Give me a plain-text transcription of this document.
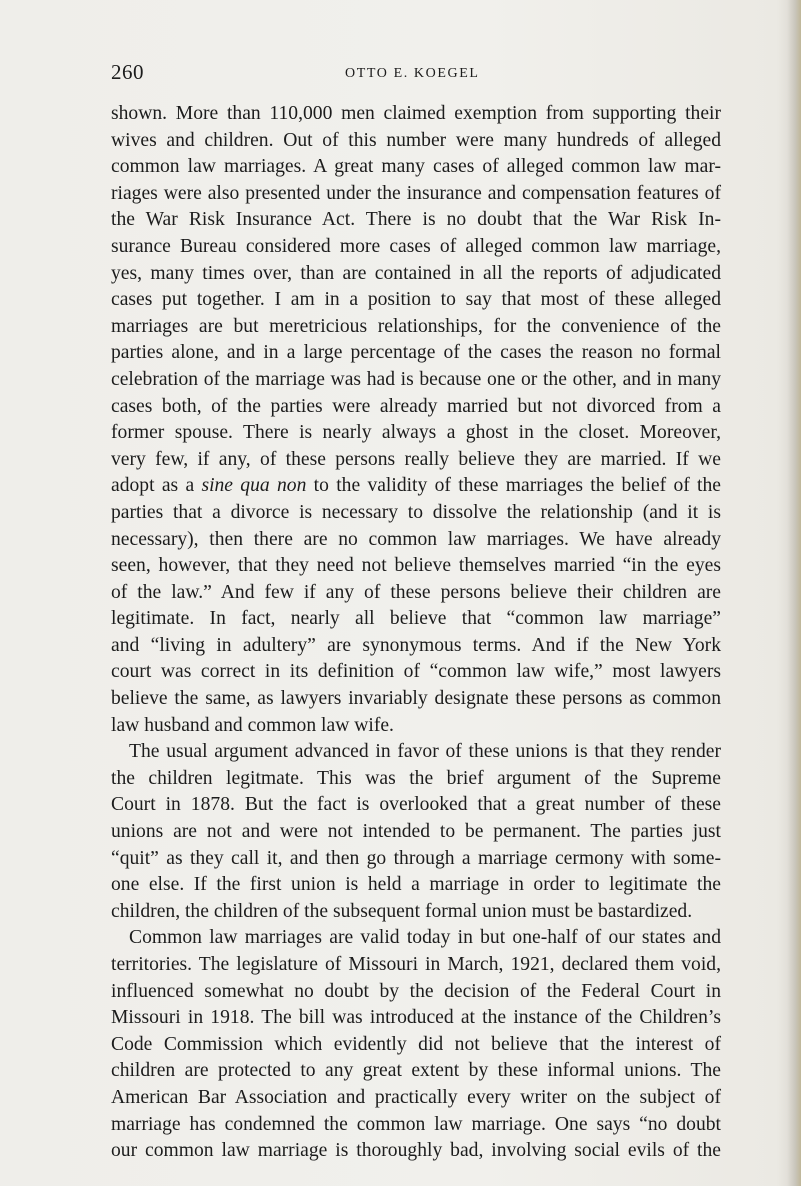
260	OTTO E. KOEGEL
shown. More than 110,000 men claimed exemption from supporting their
wives and children. Out of this number were many hundreds of alleged
common law marriages. A great many cases of alleged common law mar-
riages were also presented under the insurance and compensation features of
the War Risk Insurance Act. There is no doubt that the War Risk In-
surance Bureau considered more cases of alleged common law marriage,
yes, many times over, than are contained in all the reports of adjudicated
cases put together. I am in a position to say that most of these alleged
marriages are but meretricious relationships, for the convenience of the
parties alone, and in a large percentage of the cases the reason no formal
celebration of the marriage was had is because one or the other, and in many
cases both, of the parties were already married but not divorced from a
former spouse. There is nearly always a ghost in the closet. Moreover,
very few, if any, of these persons really believe they are married. If we
adopt as a sine qua non to the validity of these marriages the belief of the
parties that a divorce is necessary to dissolve the relationship (and it is
necessary), then there are no common law marriages. We have already
seen, however, that they need not believe themselves married “in the eyes
of the law.” And few if any of these persons believe their children are
legitimate. In fact, nearly all believe that “common law marriage”
and “living in adultery” are synonymous terms. And if the New York
court was correct in its definition of “common law wife,” most lawyers
believe the same, as lawyers invariably designate these persons as common
law husband and common law wife.
The usual argument advanced in favor of these unions is that they render
the children legitmate. This was the brief argument of the Supreme
Court in 1878. But the fact is overlooked that a great number of these
unions are not and were not intended to be permanent. The parties just
“quit” as they call it, and then go through a marriage cermony with some-
one else. If the first union is held a marriage in order to legitimate the
children, the children of the subsequent formal union must be bastardized.
Common law marriages are valid today in but one-half of our states and
territories. The legislature of Missouri in March, 1921, declared them void,
influenced somewhat no doubt by the decision of the Federal Court in
Missouri in 1918. The bill was introduced at the instance of the Children’s
Code Commission which evidently did not believe that the interest of
children are protected to any great extent by these informal unions. The
American Bar Association and practically every writer on the subject of
marriage has condemned the common law marriage. One says “no doubt
our common law marriage is thoroughly bad, involving social evils of the
